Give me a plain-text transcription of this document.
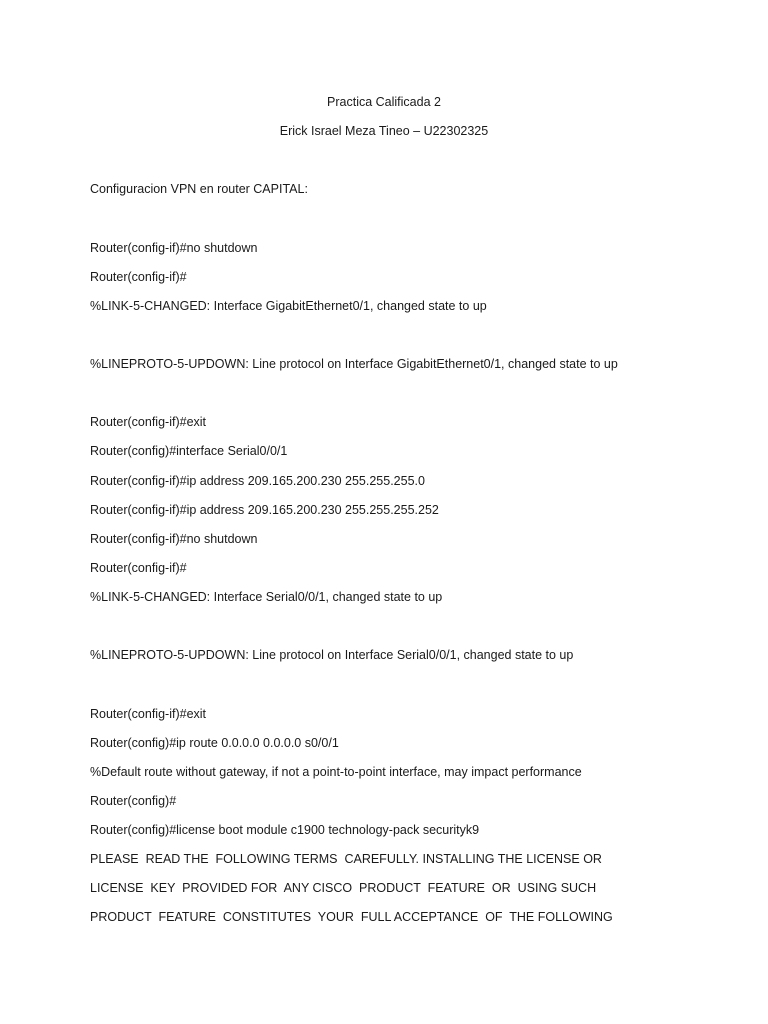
Practica Calificada 2
Erick Israel Meza Tineo – U22302325
Configuracion VPN en router CAPITAL:
Router(config-if)#no shutdown
Router(config-if)#
%LINK-5-CHANGED: Interface GigabitEthernet0/1, changed state to up
%LINEPROTO-5-UPDOWN: Line protocol on Interface GigabitEthernet0/1, changed state to up
Router(config-if)#exit
Router(config)#interface Serial0/0/1
Router(config-if)#ip address 209.165.200.230 255.255.255.0
Router(config-if)#ip address 209.165.200.230 255.255.255.252
Router(config-if)#no shutdown
Router(config-if)#
%LINK-5-CHANGED: Interface Serial0/0/1, changed state to up
%LINEPROTO-5-UPDOWN: Line protocol on Interface Serial0/0/1, changed state to up
Router(config-if)#exit
Router(config)#ip route 0.0.0.0 0.0.0.0 s0/0/1
%Default route without gateway, if not a point-to-point interface, may impact performance
Router(config)#
Router(config)#license boot module c1900 technology-pack securityk9
PLEASE  READ THE  FOLLOWING TERMS  CAREFULLY. INSTALLING THE LICENSE OR
LICENSE  KEY  PROVIDED FOR  ANY CISCO  PRODUCT  FEATURE  OR  USING SUCH
PRODUCT  FEATURE  CONSTITUTES  YOUR  FULL ACCEPTANCE  OF  THE FOLLOWING
